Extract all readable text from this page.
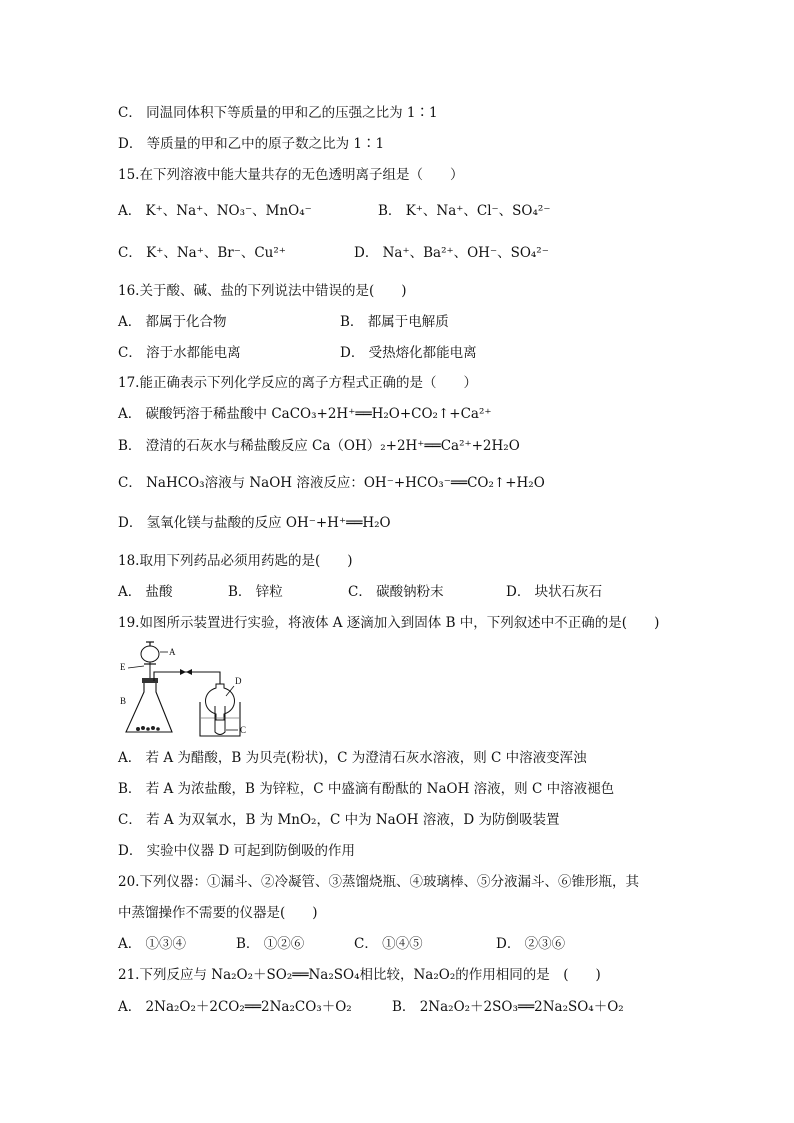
C． 同温同体积下等质量的甲和乙的压强之比为 1∶1
D． 等质量的甲和乙中的原子数之比为 1∶1
15.在下列溶液中能大量共存的无色透明离子组是（　　）
A． K⁺、Na⁺、NO₃⁻、MnO₄⁻	B． K⁺、Na⁺、Cl⁻、SO₄²⁻
C． K⁺、Na⁺、Br⁻、Cu²⁺	D． Na⁺、Ba²⁺、OH⁻、SO₄²⁻
16.关于酸、碱、盐的下列说法中错误的是(　　)
A． 都属于化合物	B． 都属于电解质
C． 溶于水都能电离	D． 受热熔化都能电离
17.能正确表示下列化学反应的离子方程式正确的是（　　）
A． 碳酸钙溶于稀盐酸中 CaCO₃+2H⁺══H₂O+CO₂↑+Ca²⁺
B． 澄清的石灰水与稀盐酸反应 Ca（OH）₂+2H⁺══Ca²⁺+2H₂O
C． NaHCO₃溶液与 NaOH 溶液反应：OH⁻+HCO₃⁻══CO₂↑+H₂O
D． 氢氧化镁与盐酸的反应 OH⁻+H⁺══H₂O
18.取用下列药品必须用药匙的是(　　)
A． 盐酸	B． 锌粒	C． 碳酸钠粉末	D． 块状石灰石
19.如图所示装置进行实验，将液体 A 逐滴加入到固体 B 中，下列叙述中不正确的是(　　)
A
E
B
D
C
A． 若 A 为醋酸，B 为贝壳(粉状)，C 为澄清石灰水溶液，则 C 中溶液变浑浊
B． 若 A 为浓盐酸，B 为锌粒，C 中盛滴有酚酞的 NaOH 溶液，则 C 中溶液褪色
C． 若 A 为双氧水，B 为 MnO₂，C 中为 NaOH 溶液，D 为防倒吸装置
D． 实验中仪器 D 可起到防倒吸的作用
20.下列仪器：①漏斗、②冷凝管、③蒸馏烧瓶、④玻璃棒、⑤分液漏斗、⑥锥形瓶，其
中蒸馏操作不需要的仪器是(　　)
A． ①③④	B． ①②⑥	C． ①④⑤	D． ②③⑥
21.下列反应与 Na₂O₂＋SO₂══Na₂SO₄相比较，Na₂O₂的作用相同的是　(　　)
A． 2Na₂O₂＋2CO₂══2Na₂CO₃＋O₂	B． 2Na₂O₂＋2SO₃══2Na₂SO₄＋O₂
